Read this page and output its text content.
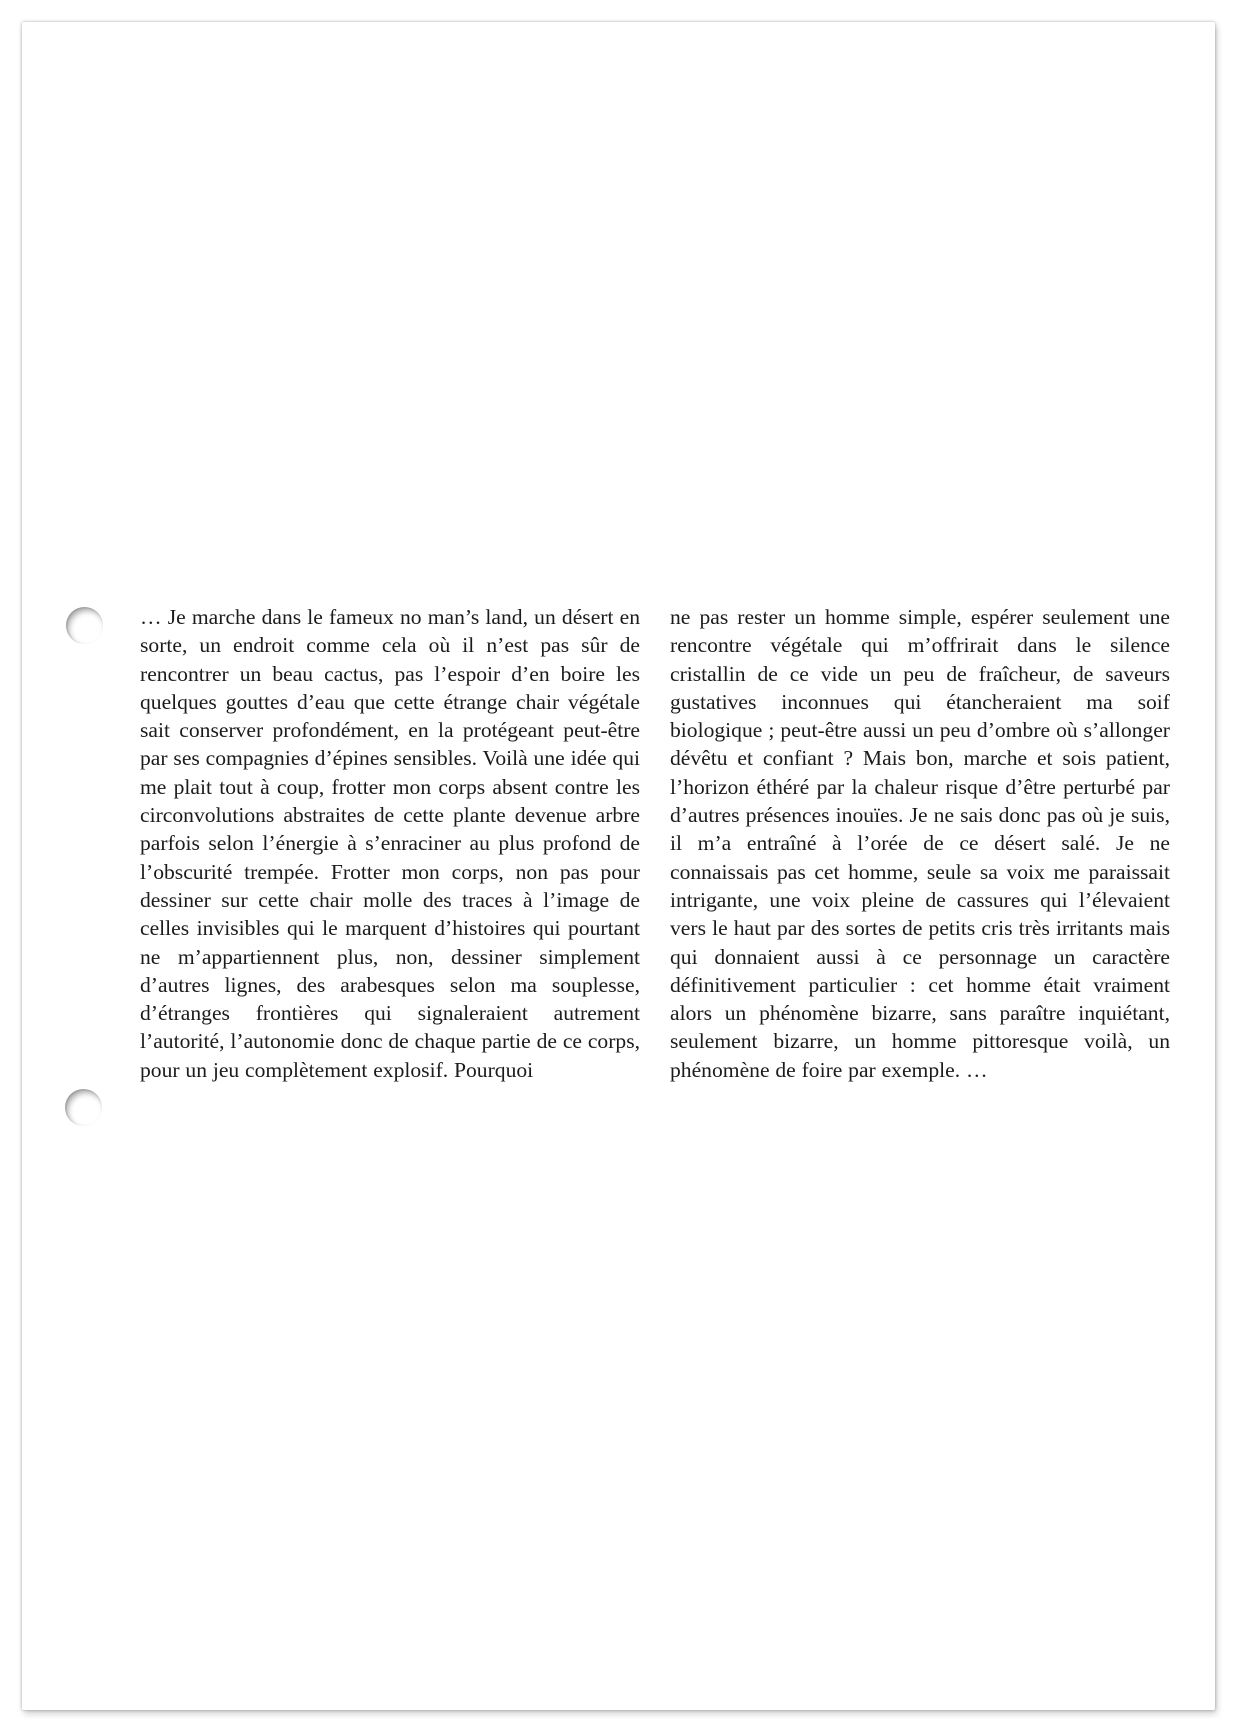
… Je marche dans le fameux no man’s land, un désert en sorte, un endroit comme cela où il n’est pas sûr de rencontrer un beau cactus, pas l’espoir d’en boire les quelques gouttes d’eau que cette étrange chair végétale sait conserver profondément, en la protégeant peut-être par ses compagnies d’épines sensibles. Voilà une idée qui me plait tout à coup, frotter mon corps absent contre les circonvolutions abstraites de cette plante devenue arbre parfois selon l’énergie à s’enraciner au plus profond de l’obscurité trempée. Frotter mon corps, non pas pour dessiner sur cette chair molle des traces à l’image de celles invisibles qui le marquent d’histoires qui pourtant ne m’appartiennent plus, non, dessiner simplement d’autres lignes, des arabesques selon ma souplesse, d’étranges frontières qui signaleraient autrement l’autorité, l’autonomie donc de chaque partie de ce corps, pour un jeu complètement explosif. Pourquoi

ne pas rester un homme simple, espérer seulement une rencontre végétale qui m’offrirait dans le silence cristallin de ce vide un peu de fraîcheur, de saveurs gustatives inconnues qui étancheraient ma soif biologique ; peut-être aussi un peu d’ombre où s’allonger dévêtu et confiant ? Mais bon, marche et sois patient, l’horizon éthéré par la chaleur risque d’être perturbé par d’autres présences inouïes. Je ne sais donc pas où je suis, il m’a entraîné à l’orée de ce désert salé. Je ne connaissais pas cet homme, seule sa voix me paraissait intrigante, une voix pleine de cassures qui l’élevaient vers le haut par des sortes de petits cris très irritants mais qui donnaient aussi à ce personnage un caractère définitivement particulier : cet homme était vraiment alors un phénomène bizarre, sans paraître inquiétant, seulement bizarre, un homme pittoresque voilà, un phénomène de foire par exemple. …
